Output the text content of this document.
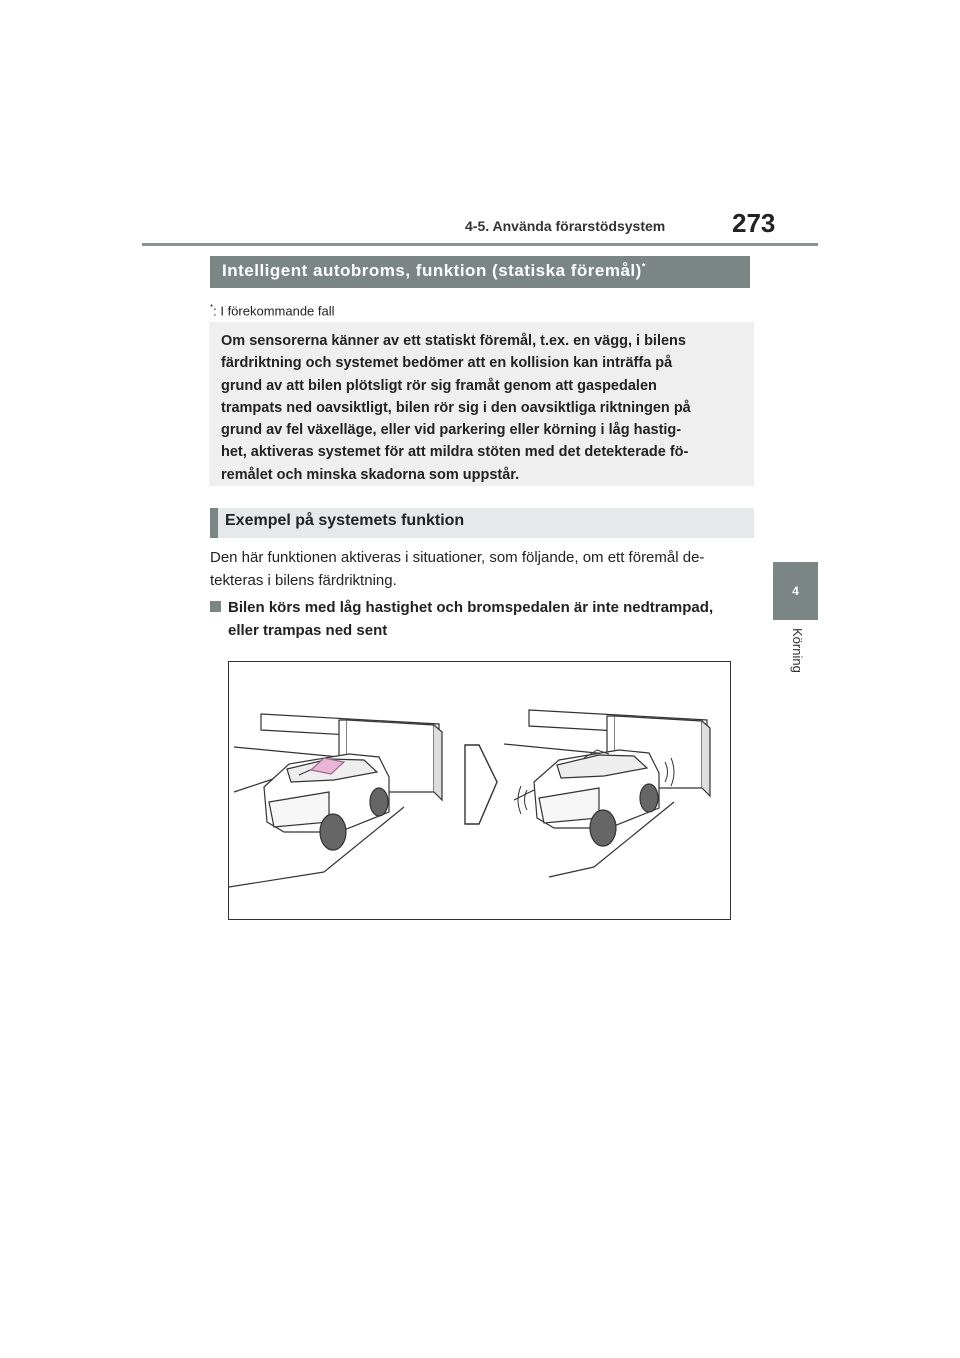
4-5. Använda förarstödsystem	273
4
Körning
Intelligent autobroms, funktion (statiska föremål)*
*: I förekommande fall
Om sensorerna känner av ett statiskt föremål, t.ex. en vägg, i bilens
färdriktning och systemet bedömer att en kollision kan inträffa på
grund av att bilen plötsligt rör sig framåt genom att gaspedalen
trampats ned oavsiktligt, bilen rör sig i den oavsiktliga riktningen på
grund av fel växelläge, eller vid parkering eller körning i låg hastig-
het, aktiveras systemet för att mildra stöten med det detekterade fö-
remålet och minska skadorna som uppstår.
Exempel på systemets funktion
Den här funktionen aktiveras i situationer, som följande, om ett föremål de-
tekteras i bilens färdriktning.
Bilen körs med låg hastighet och bromspedalen är inte nedtrampad,
eller trampas ned sent
